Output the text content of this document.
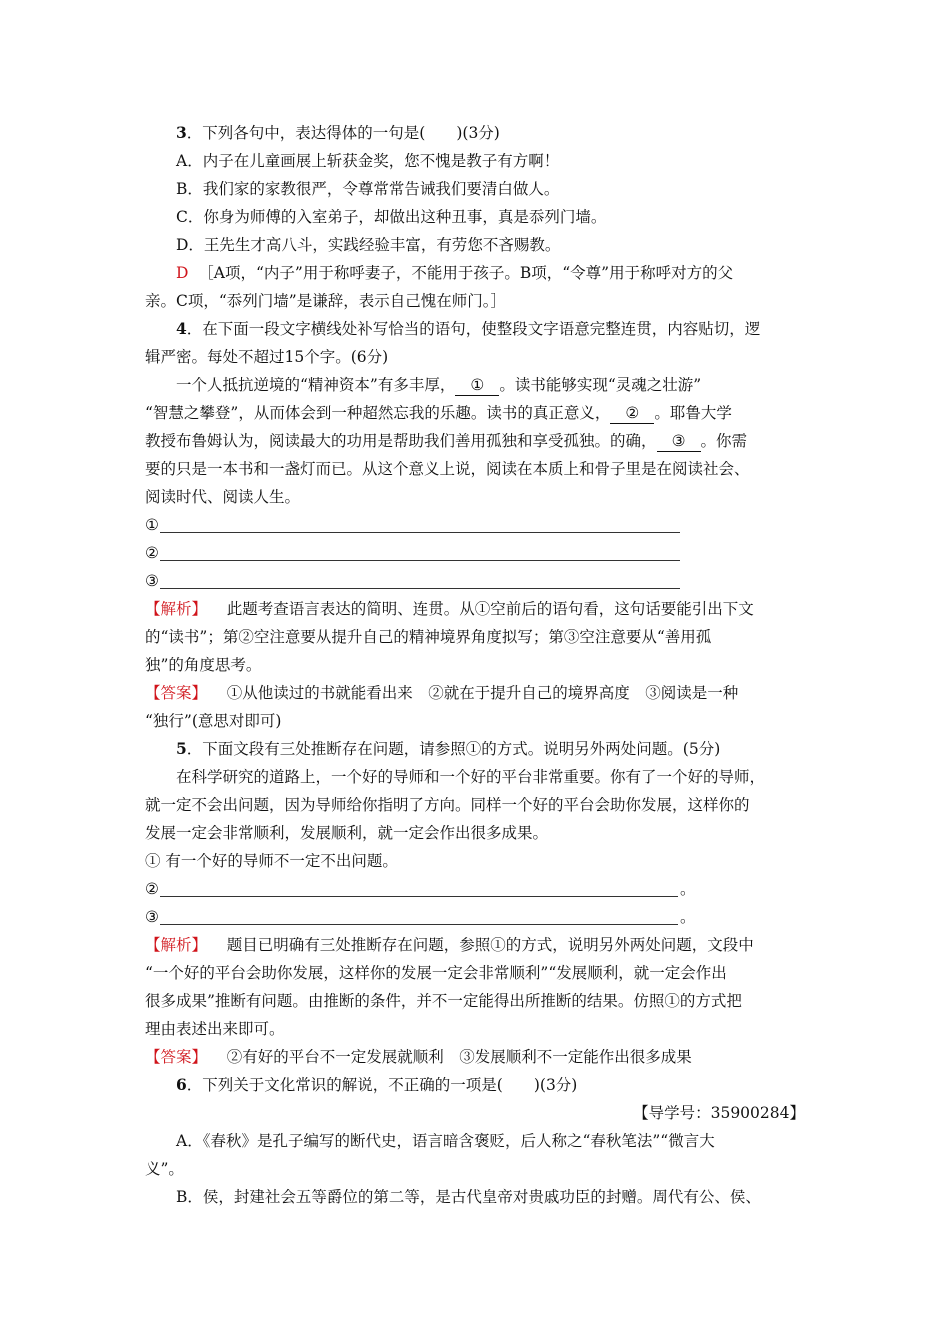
3．下列各句中，表达得体的一句是(　　)(3分)
A．内子在儿童画展上斩获金奖，您不愧是教子有方啊！
B．我们家的家教很严，令尊常常告诫我们要清白做人。
C．你身为师傅的入室弟子，却做出这种丑事，真是忝列门墙。
D．王先生才高八斗，实践经验丰富，有劳您不吝赐教。
D ［A项，“内子”用于称呼妻子，不能用于孩子。B项，“令尊”用于称呼对方的父
亲。C项，“忝列门墙”是谦辞，表示自己愧在师门。］
4．在下面一段文字横线处补写恰当的语句，使整段文字语意完整连贯，内容贴切，逻
辑严密。每处不超过15个字。(6分)
一个人抵抗逆境的“精神资本”有多丰厚， ① 。读书能够实现“灵魂之壮游”
“智慧之攀登”，从而体会到一种超然忘我的乐趣。读书的真正意义， ② 。耶鲁大学
教授布鲁姆认为，阅读最大的功用是帮助我们善用孤独和享受孤独。的确， ③ 。你需
要的只是一本书和一盏灯而已。从这个意义上说，阅读在本质上和骨子里是在阅读社会、
阅读时代、阅读人生。
①
②
③
【解析】 此题考查语言表达的简明、连贯。从①空前后的语句看，这句话要能引出下文
的“读书”；第②空注意要从提升自己的精神境界角度拟写；第③空注意要从“善用孤
独”的角度思考。
【答案】 ①从他读过的书就能看出来　②就在于提升自己的境界高度　③阅读是一种
“独行”(意思对即可)
5．下面文段有三处推断存在问题，请参照①的方式。说明另外两处问题。(5分)
在科学研究的道路上，一个好的导师和一个好的平台非常重要。你有了一个好的导师，
就一定不会出问题，因为导师给你指明了方向。同样一个好的平台会助你发展，这样你的
发展一定会非常顺利，发展顺利，就一定会作出很多成果。
① 有一个好的导师不一定不出问题。
②	。
③	。
【解析】 题目已明确有三处推断存在问题，参照①的方式，说明另外两处问题，文段中
“一个好的平台会助你发展，这样你的发展一定会非常顺利”“发展顺利，就一定会作出
很多成果”推断有问题。由推断的条件，并不一定能得出所推断的结果。仿照①的方式把
理由表述出来即可。
【答案】 ②有好的平台不一定发展就顺利　③发展顺利不一定能作出很多成果
6．下列关于文化常识的解说，不正确的一项是(　　)(3分)
【导学号：35900284】
A．《春秋》是孔子编写的断代史，语言暗含褒贬，后人称之“春秋笔法”“微言大
义”。
B．侯，封建社会五等爵位的第二等，是古代皇帝对贵戚功臣的封赠。周代有公、侯、
